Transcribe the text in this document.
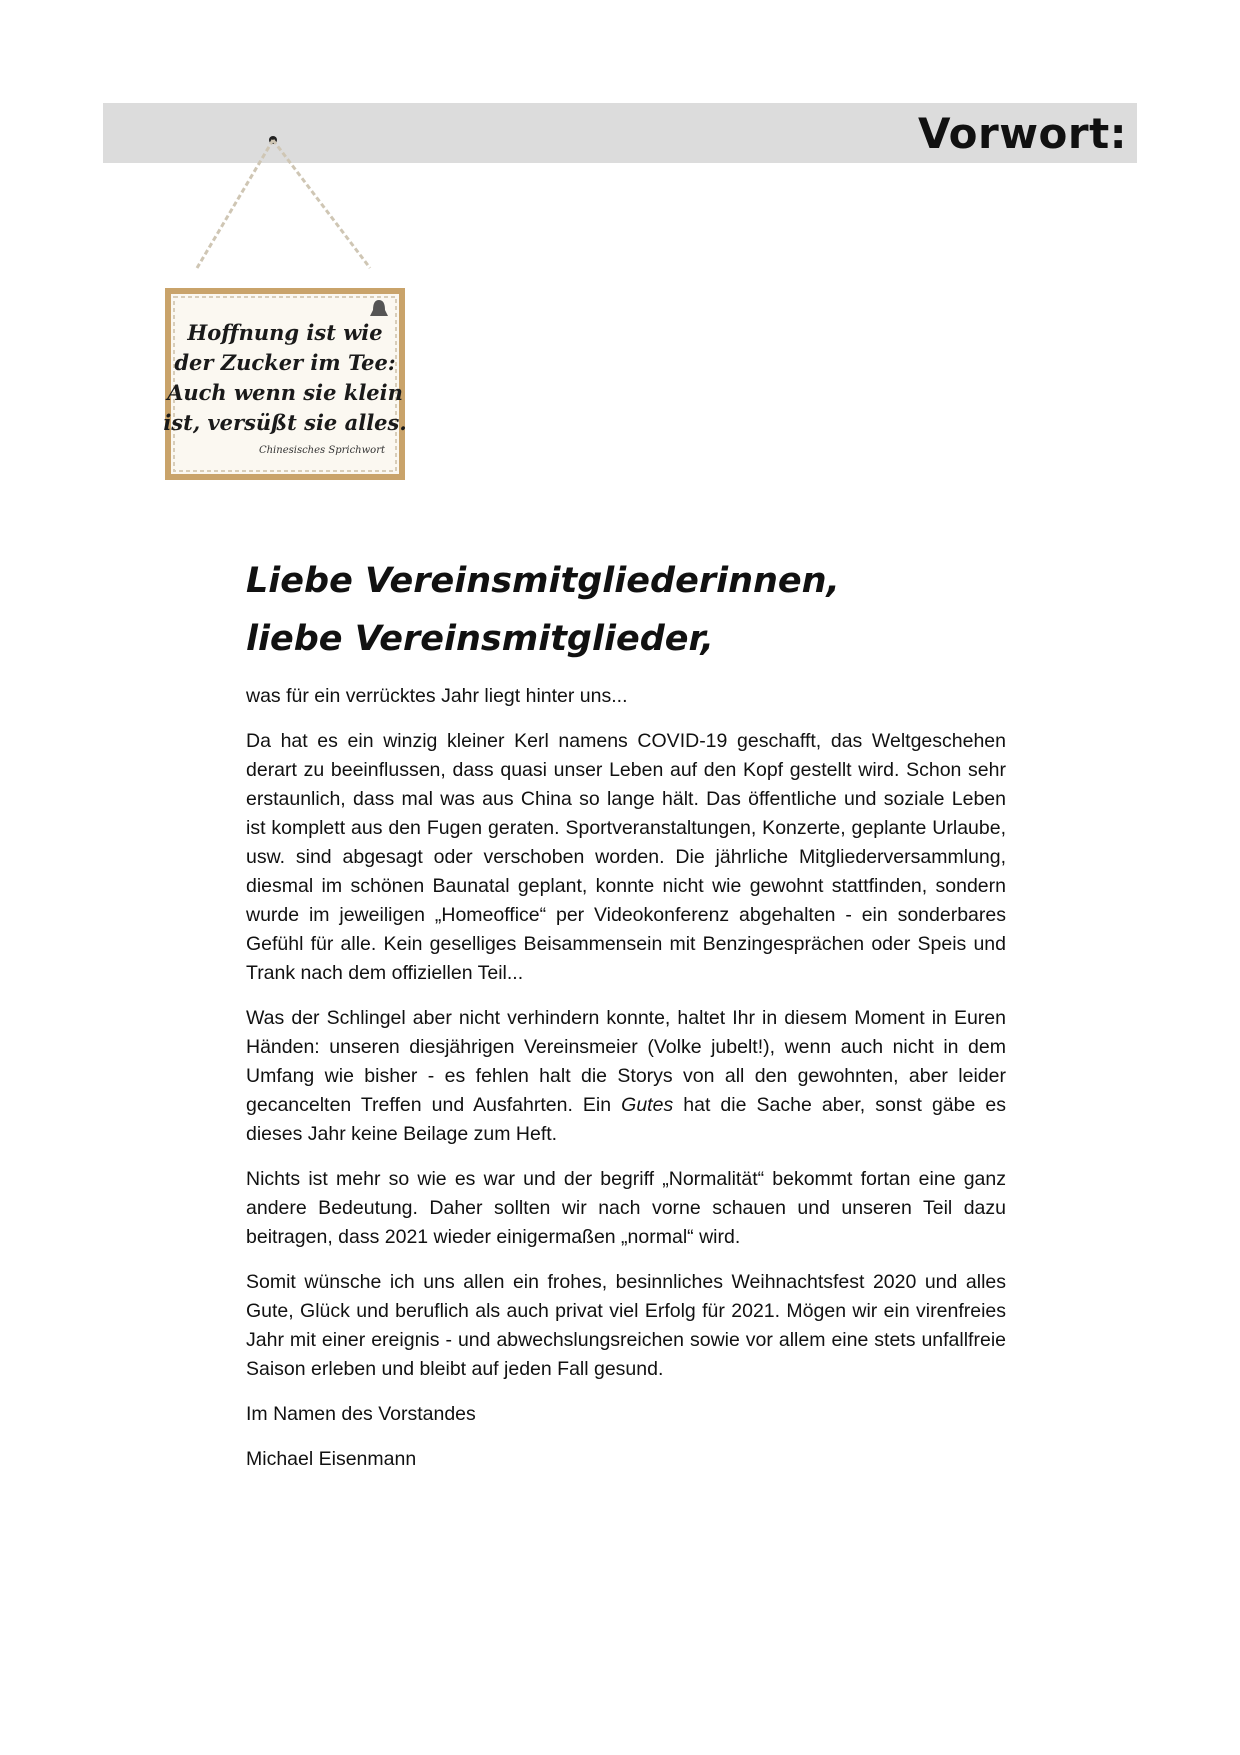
Vorwort:
Hoffnung ist wie
der Zucker im Tee:
Auch wenn sie klein
ist, versüßt sie alles.
Chinesisches Sprichwort

Liebe Vereinsmitgliederinnen,

liebe Vereinsmitglieder,

was für ein verrücktes Jahr liegt hinter uns...

Da hat es ein winzig kleiner Kerl namens COVID-19 geschafft, das Weltgeschehen derart zu beeinflussen, dass quasi unser Leben auf den Kopf gestellt wird. Schon sehr erstaunlich, dass mal was aus China so lange hält. Das öffentliche und soziale Leben ist komplett aus den Fugen geraten. Sportveranstaltungen, Konzerte, geplante Urlaube, usw. sind abgesagt oder verschoben worden. Die jährliche Mitgliederversammlung, diesmal im schönen Baunatal geplant, konnte nicht wie gewohnt stattfinden, sondern wurde im jeweiligen „Homeoffice“ per Videokonferenz abgehalten - ein sonderbares Gefühl für alle. Kein geselliges Beisammensein mit Benzingesprächen oder Speis und Trank nach dem offiziellen Teil...

Was der Schlingel aber nicht verhindern konnte, haltet Ihr in diesem Moment in Euren Händen: unseren diesjährigen Vereinsmeier (Volke jubelt!), wenn auch nicht in dem Umfang wie bisher - es fehlen halt die Storys von all den gewohnten, aber leider gecancelten Treffen und Ausfahrten. Ein Gutes hat die Sache aber, sonst gäbe es dieses Jahr keine Beilage zum Heft.

Nichts ist mehr so wie es war und der begriff „Normalität“ bekommt fortan eine ganz andere Bedeutung. Daher sollten wir nach vorne schauen und unseren Teil dazu beitragen, dass 2021 wieder einigermaßen „normal“ wird.

Somit wünsche ich uns allen ein frohes, besinnliches Weihnachtsfest 2020 und alles Gute, Glück und beruflich als auch privat viel Erfolg für 2021. Mögen wir ein virenfreies Jahr mit einer ereignis - und abwechslungsreichen sowie vor allem eine stets unfallfreie Saison erleben und bleibt auf jeden Fall gesund.

Im Namen des Vorstandes

Michael Eisenmann
